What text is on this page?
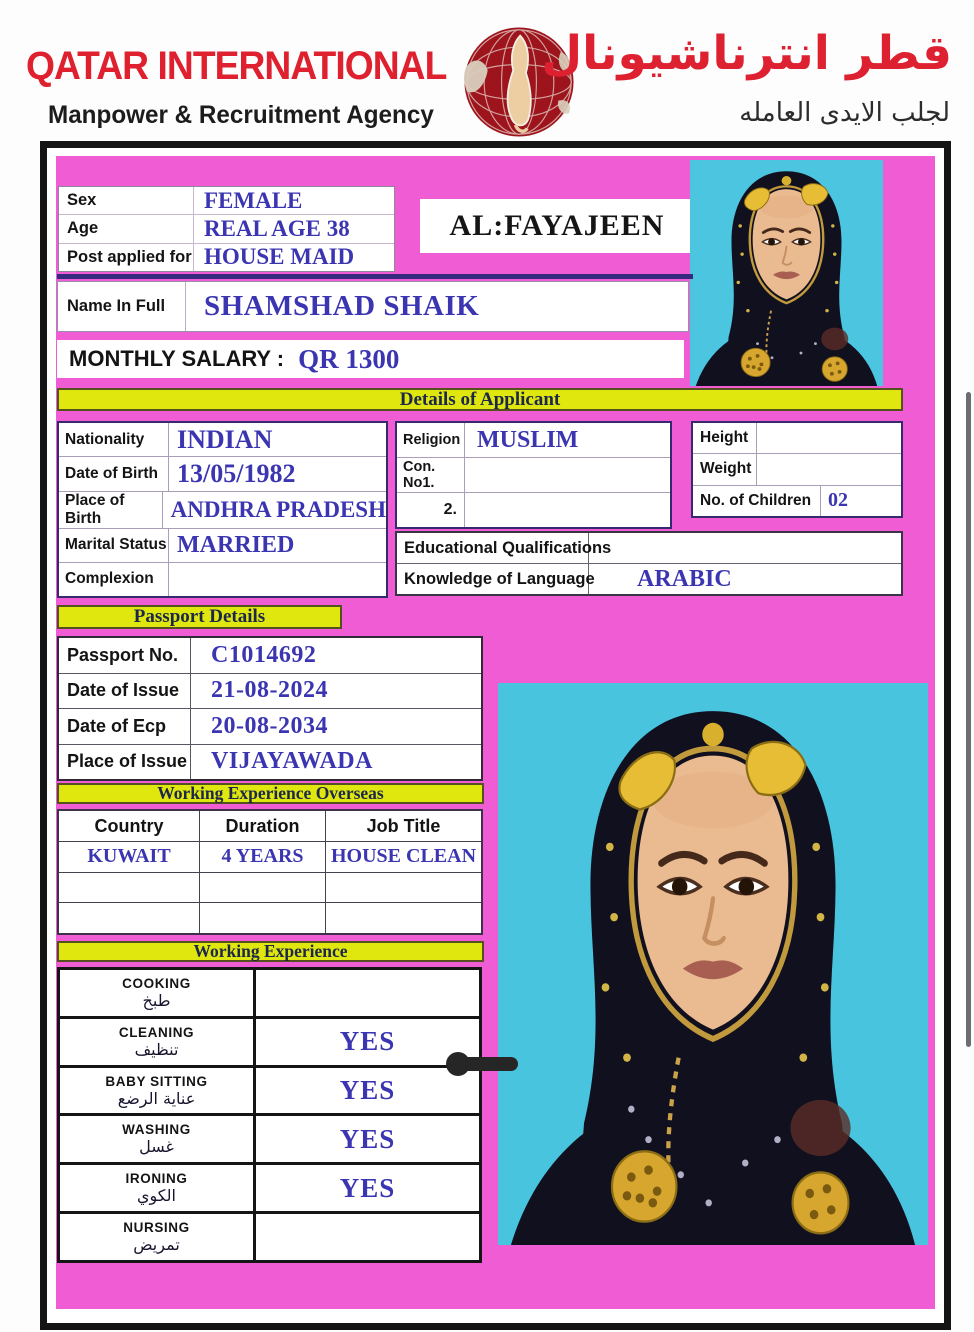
QATAR INTERNATIONAL
Manpower & Recruitment Agency
قطر انترناشيونال
لجلب الايدى العامله
Sex	FEMALE
Age	REAL AGE 38
Post applied for HOUSE MAID
AL:FAYAJEEN
Name In Full	SHAMSHAD SHAIK
MONTHLY SALARY : QR 1300
Details of Applicant
Nationality	INDIAN
Date of Birth 13/05/1982
Place of Birth	ANDHRA PRADESH
Marital Status MARRIED
Complexion
Religion MUSLIM
Con. No1.
2.
Educational Qualifications
Knowledge of Language	ARABIC
Height
Weight
No. of Children 02
Passport Details
Passport No.	C1014692
Date of Issue	21-08-2024
Date of Ecp	20-08-2034
Place of Issue VIJAYAWADA
Working Experience Overseas
Country	Duration	Job Title
KUWAIT	4 YEARS	HOUSE CLEAN
Working Experience
COOKING
طبخ
CLEANING
تنظيف	YES
BABY SITTING
عناية الرضع	YES
WASHING
غسل	YES
IRONING
الكوي	YES
NURSING
تمريض
